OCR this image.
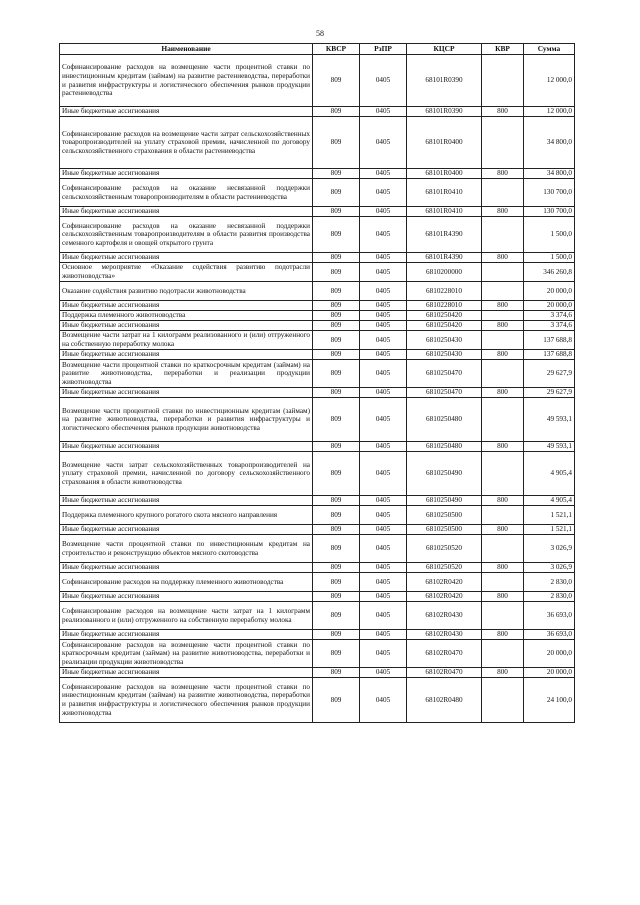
58
Наименование	КВСР	РзПР	КЦСР	КВР	Сумма
Софинансирование расходов на возмещение части процентной ставки по инвестиционным кредитам (займам) на развитие растениеводства, переработки и развития инфраструктуры и логистического обеспечения рынков продукции растениеводства	809	0405	68101R0390		12 000,0
Иные бюджетные ассигнования	809	0405	68101R0390	800	12 000,0
Софинансирование расходов на возмещение части затрат сельскохозяйственных товаропроизводителей на уплату страховой премии, начисленной по договору сельскохозяйственного страхования в области растениеводства	809	0405	68101R0400		34 800,0
Иные бюджетные ассигнования	809	0405	68101R0400	800	34 800,0
Софинансирование расходов на оказание несвязанной поддержки сельскохозяйственным товаропроизводителям в области растениеводства	809	0405	68101R0410		130 700,0
Иные бюджетные ассигнования	809	0405	68101R0410	800	130 700,0
Софинансирование расходов на оказание несвязанной поддержки сельскохозяйственным товаропроизводителям в области развития производства семенного картофеля и овощей открытого грунта	809	0405	68101R4390		1 500,0
Иные бюджетные ассигнования	809	0405	68101R4390	800	1 500,0
Основное мероприятие «Оказание содействия развитию подотрасли животноводства»	809	0405	6810200000		346 260,8
Оказание содействия развитию подотрасли животноводства	809	0405	6810228010		20 000,0
Иные бюджетные ассигнования	809	0405	6810228010	800	20 000,0
Поддержка племенного животноводства	809	0405	6810250420		3 374,6
Иные бюджетные ассигнования	809	0405	6810250420	800	3 374,6
Возмещение части затрат на 1 килограмм реализованного и (или) отгруженного на собственную переработку молока	809	0405	6810250430		137 688,8
Иные бюджетные ассигнования	809	0405	6810250430	800	137 688,8
Возмещение части процентной ставки по краткосрочным кредитам (займам) на развитие животноводства, переработки и реализации продукции животноводства	809	0405	6810250470		29 627,9
Иные бюджетные ассигнования	809	0405	6810250470	800	29 627,9
Возмещение части процентной ставки по инвестиционным кредитам (займам) на развитие животноводства, переработки и развития инфраструктуры и логистического обеспечения рынков продукции животноводства	809	0405	6810250480		49 593,1
Иные бюджетные ассигнования	809	0405	6810250480	800	49 593,1
Возмещение части затрат сельскохозяйственных товаропроизводителей на уплату страховой премии, начисленной по договору сельскохозяйственного страхования в области животноводства	809	0405	6810250490		4 905,4
Иные бюджетные ассигнования	809	0405	6810250490	800	4 905,4
Поддержка племенного крупного рогатого скота мясного направления	809	0405	6810250500		1 521,1
Иные бюджетные ассигнования	809	0405	6810250500	800	1 521,1
Возмещение части процентной ставки по инвестиционным кредитам на строительство и реконструкцию объектов мясного скотоводства	809	0405	6810250520		3 026,9
Иные бюджетные ассигнования	809	0405	6810250520	800	3 026,9
Софинансирование расходов на поддержку племенного животноводства	809	0405	68102R0420		2 830,0
Иные бюджетные ассигнования	809	0405	68102R0420	800	2 830,0
Софинансирование расходов на возмещение части затрат на 1 килограмм реализованного и (или) отгруженного на собственную переработку молока	809	0405	68102R0430		36 693,0
Иные бюджетные ассигнования	809	0405	68102R0430	800	36 693,0
Софинансирование расходов на возмещение части процентной ставки по краткосрочным кредитам (займам) на развитие животноводства, переработки и реализации продукции животноводства	809	0405	68102R0470		20 000,0
Иные бюджетные ассигнования	809	0405	68102R0470	800	20 000,0
Софинансирование расходов на возмещение части процентной ставки по инвестиционным кредитам (займам) на развитие животноводства, переработки и развития инфраструктуры и логистического обеспечения рынков продукции животноводства	809	0405	68102R0480		24 100,0
